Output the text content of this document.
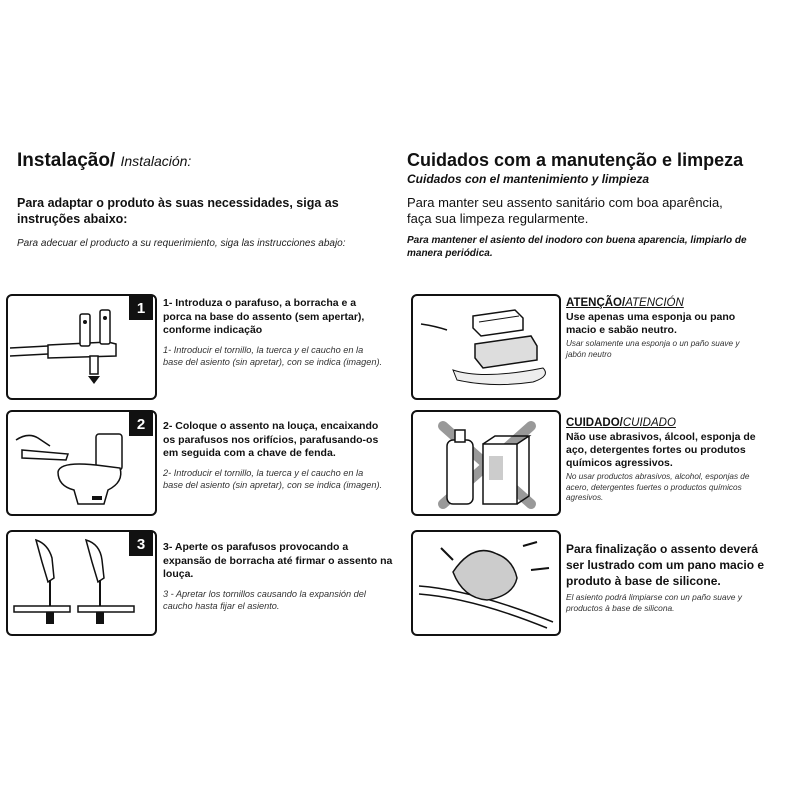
Instalação/ Instalación:
Para adaptar o produto às suas necessidades, siga as instruções abaixo:
Para adecuar el producto a su requerimiento, siga las instrucciones abajo:
1	1- Introduza o parafuso, a borracha e a porca na base do assento (sem apertar), conforme indicação
1- Introducir el tornillo, la tuerca y el caucho en la base del asiento (sin apretar), con se indica (imagen).
2	2- Coloque o assento na louça, encaixando os parafusos nos orifícios, parafusando-os em seguida com a chave de fenda.
2- Introducir el tornillo, la tuerca y el caucho en la base del asiento (sin apretar), con se indica (imagen).
3	3- Aperte os parafusos provocando a expansão de borracha até firmar o assento na louça.
3 - Apretar los tornillos causando la expansión del caucho hasta fijar el asiento.
Cuidados com a manutenção e limpeza
Cuidados con el mantenimiento y limpieza
Para manter seu assento sanitário com boa aparência, faça sua limpeza regularmente.
Para mantener el asiento del inodoro con buena aparencia, limpiarlo de manera periódica.
ATENÇÃO/ATENCIÓN
Use apenas uma esponja ou pano macio e sabão neutro.
Usar solamente una esponja o un paño suave y jabón neutro
CUIDADO/CUIDADO
Não use abrasivos, álcool, esponja de aço, detergentes fortes ou produtos químicos agressivos.
No usar productos abrasivos, alcohol, esponjas de acero, detergentes fuertes o productos químicos agresivos.
Para finalização o assento deverá ser lustrado com um pano macio e produto à base de silicone.
El asiento podrá limpiarse con un paño suave y productos à base de silicona.
